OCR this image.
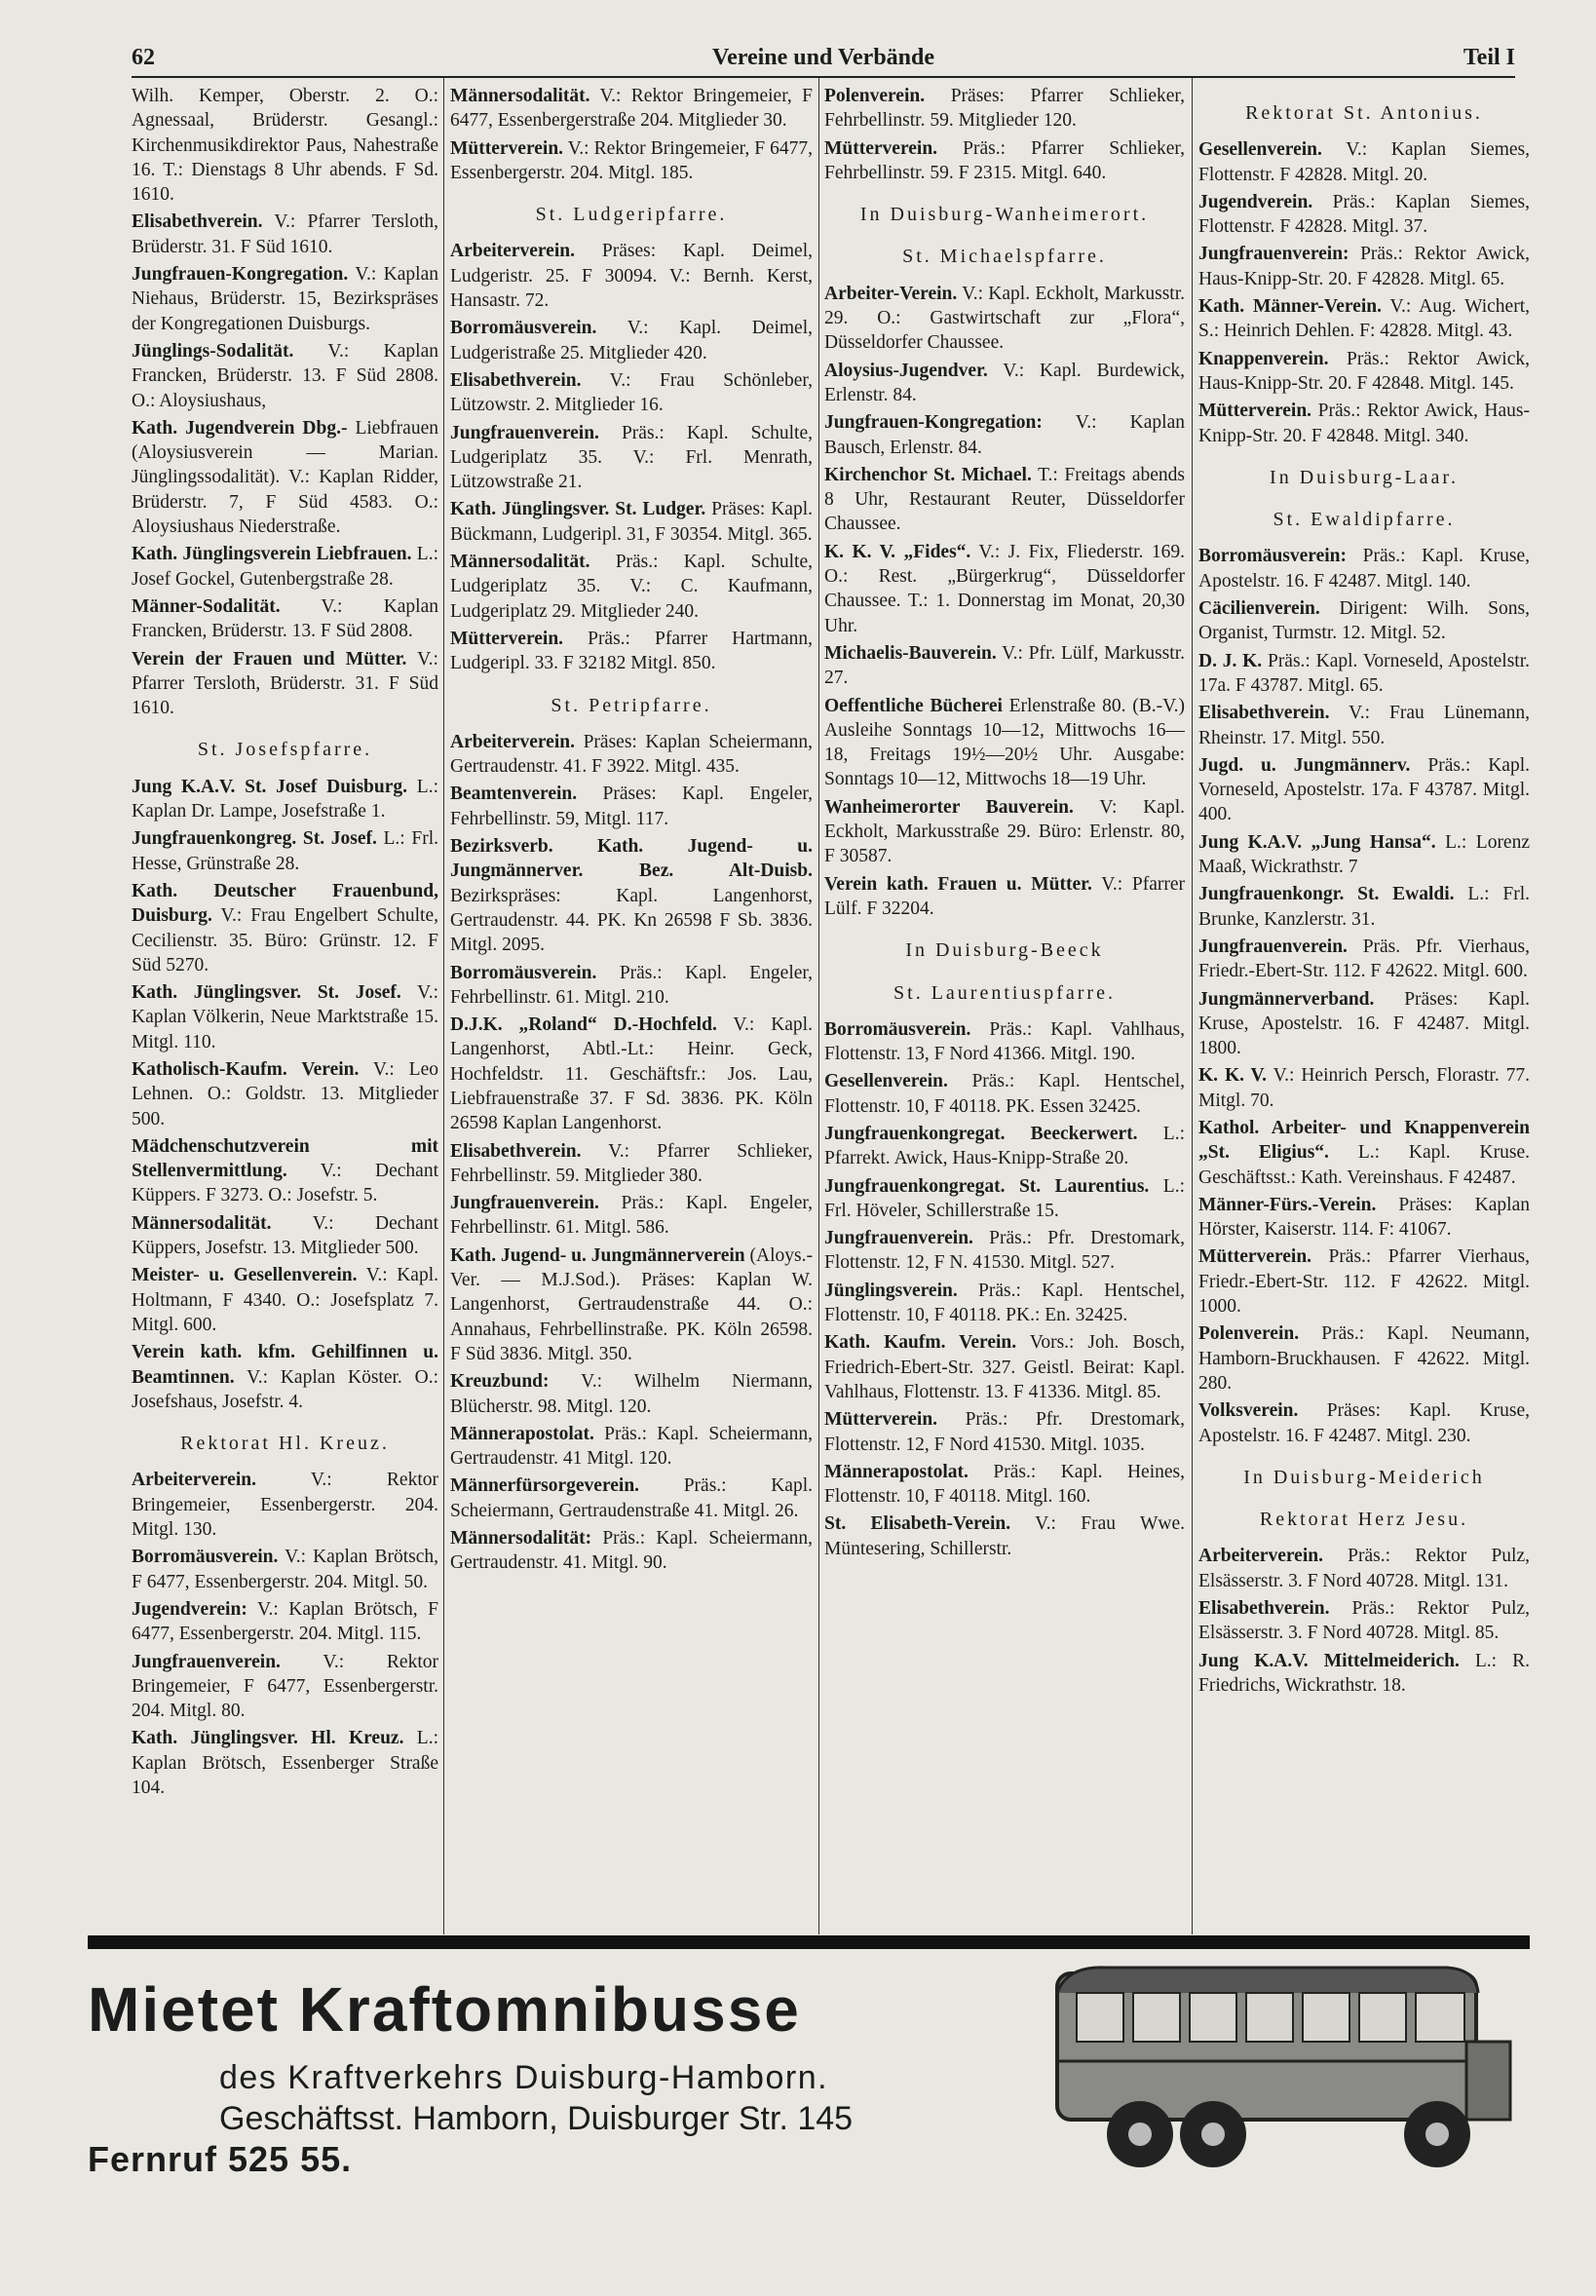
62	Vereine und Verbände	Teil I
Wilh. Kemper, Oberstr. 2. O.: Agnessaal, Brüderstr. Gesangl.: Kirchenmusikdirektor Paus, Nahestraße 16. T.: Dienstags 8 Uhr abends. F Sd. 1610.
Elisabethverein. V.: Pfarrer Tersloth, Brüderstr. 31. F Süd 1610.
Jungfrauen-Kongregation. V.: Kaplan Niehaus, Brüderstr. 15, Bezirkspräses der Kongregationen Duisburgs.
Jünglings-Sodalität. V.: Kaplan Francken, Brüderstr. 13. F Süd 2808. O.: Aloysiushaus,
Kath. Jugendverein Dbg.- Liebfrauen (Aloysiusverein — Marian. Jünglingssodalität). V.: Kaplan Ridder, Brüderstr. 7, F Süd 4583. O.: Aloysiushaus Niederstraße.
Kath. Jünglingsverein Liebfrauen. L.: Josef Gockel, Gutenbergstraße 28.
Männer-Sodalität. V.: Kaplan Francken, Brüderstr. 13. F Süd 2808.
Verein der Frauen und Mütter. V.: Pfarrer Tersloth, Brüderstr. 31. F Süd 1610.
St. Josefspfarre.
Jung K.A.V. St. Josef Duisburg. L.: Kaplan Dr. Lampe, Josefstraße 1.
Jungfrauenkongreg. St. Josef. L.: Frl. Hesse, Grünstraße 28.
Kath. Deutscher Frauenbund, Duisburg. V.: Frau Engelbert Schulte, Cecilienstr. 35. Büro: Grünstr. 12. F Süd 5270.
Kath. Jünglingsver. St. Josef. V.: Kaplan Völkerin, Neue Marktstraße 15. Mitgl. 110.
Katholisch-Kaufm. Verein. V.: Leo Lehnen. O.: Goldstr. 13. Mitglieder 500.
Mädchenschutzverein mit Stellenvermittlung. V.: Dechant Küppers. F 3273. O.: Josefstr. 5.
Männersodalität. V.: Dechant Küppers, Josefstr. 13. Mitglieder 500.
Meister- u. Gesellenverein. V.: Kapl. Holtmann, F 4340. O.: Josefsplatz 7. Mitgl. 600.
Verein kath. kfm. Gehilfinnen u. Beamtinnen. V.: Kaplan Köster. O.: Josefshaus, Josefstr. 4.
Rektorat Hl. Kreuz.
Arbeiterverein.	V.: Rektor Bringemeier, Essenbergerstr. 204. Mitgl. 130.
Borromäusverein. V.: Kaplan Brötsch, F 6477, Essenbergerstr. 204. Mitgl. 50.
Jugendverein: V.: Kaplan Brötsch, F 6477, Essenbergerstr. 204. Mitgl. 115.
Jungfrauenverein. V.: Rektor Bringemeier, F 6477, Essenbergerstr. 204. Mitgl. 80.
Kath. Jünglingsver. Hl. Kreuz. L.: Kaplan Brötsch, Essenberger Straße 104.
Männersodalität. V.: Rektor Bringemeier, F 6477, Essenbergerstraße 204. Mitglieder 30.
Mütterverein. V.: Rektor Bringemeier, F 6477, Essenbergerstr. 204. Mitgl. 185.
St. Ludgeripfarre.
Arbeiterverein. Präses: Kapl. Deimel, Ludgeristr. 25. F 30094. V.: Bernh. Kerst, Hansastr. 72.
Borromäusverein. V.: Kapl. Deimel, Ludgeristraße 25. Mitglieder 420.
Elisabethverein. V.: Frau Schönleber, Lützowstr. 2. Mitglieder 16.
Jungfrauenverein. Präs.: Kapl. Schulte, Ludgeriplatz 35. V.: Frl. Menrath, Lützowstraße 21.
Kath. Jünglingsver. St. Ludger. Präses: Kapl. Bückmann, Ludgeripl. 31, F 30354. Mitgl. 365.
Männersodalität. Präs.: Kapl. Schulte, Ludgeriplatz 35. V.: C. Kaufmann, Ludgeriplatz 29. Mitglieder 240.
Mütterverein. Präs.: Pfarrer Hartmann, Ludgeripl. 33. F 32182 Mitgl. 850.
St. Petripfarre.
Arbeiterverein. Präses: Kaplan Scheiermann, Gertraudenstr. 41. F 3922. Mitgl. 435.
Beamtenverein. Präses: Kapl. Engeler, Fehrbellinstr. 59, Mitgl. 117.
Bezirksverb. Kath. Jugend- u. Jungmännerver. Bez. Alt-Duisb. Bezirkspräses: Kapl. Langenhorst, Gertraudenstr. 44. PK. Kn 26598 F Sb. 3836. Mitgl. 2095.
Borromäusverein. Präs.: Kapl. Engeler, Fehrbellinstr. 61. Mitgl. 210.
D.J.K. „Roland“ D.-Hochfeld. V.: Kapl. Langenhorst, Abtl.-Lt.: Heinr. Geck, Hochfeldstr. 11. Geschäftsfr.: Jos. Lau, Liebfrauenstraße 37. F Sd. 3836. PK. Köln 26598 Kaplan Langenhorst.
Elisabethverein. V.: Pfarrer Schlieker, Fehrbellinstr. 59. Mitglieder 380.
Jungfrauenverein. Präs.: Kapl. Engeler, Fehrbellinstr. 61. Mitgl. 586.
Kath. Jugend- u. Jungmännerverein (Aloys.-Ver. — M.J.Sod.). Präses: Kaplan W. Langenhorst, Gertraudenstraße 44. O.: Annahaus, Fehrbellinstraße. PK. Köln 26598. F Süd 3836. Mitgl. 350.
Kreuzbund: V.: Wilhelm Niermann, Blücherstr. 98. Mitgl. 120.
Männerapostolat. Präs.: Kapl. Scheiermann, Gertraudenstr. 41 Mitgl. 120.
Männerfürsorgeverein. Präs.: Kapl. Scheiermann, Gertraudenstraße 41. Mitgl. 26.
Männersodalität: Präs.: Kapl. Scheiermann, Gertraudenstr. 41. Mitgl. 90.
Polenverein. Präses: Pfarrer Schlieker, Fehrbellinstr. 59. Mitglieder 120.
Mütterverein. Präs.: Pfarrer Schlieker, Fehrbellinstr. 59. F 2315. Mitgl. 640.
In Duisburg-Wanheimerort.
St. Michaelspfarre.
Arbeiter-Verein. V.: Kapl. Eckholt, Markusstr. 29. O.: Gastwirtschaft zur „Flora“, Düsseldorfer Chaussee.
Aloysius-Jugendver. V.: Kapl. Burdewick, Erlenstr. 84.
Jungfrauen-Kongregation: V.: Kaplan Bausch, Erlenstr. 84.
Kirchenchor St. Michael. T.: Freitags abends 8 Uhr, Restaurant Reuter, Düsseldorfer Chaussee.
K. K. V. „Fides“. V.: J. Fix, Fliederstr. 169. O.: Rest. „Bürgerkrug“, Düsseldorfer Chaussee. T.: 1. Donnerstag im Monat, 20,30 Uhr.
Michaelis-Bauverein. V.: Pfr. Lülf, Markusstr. 27.
Oeffentliche Bücherei Erlenstraße 80. (B.-V.) Ausleihe Sonntags 10—12, Mittwochs 16—18, Freitags 19½—20½ Uhr. Ausgabe: Sonntags 10—12, Mittwochs 18—19 Uhr.
Wanheimerorter Bauverein. V: Kapl. Eckholt, Markusstraße 29. Büro: Erlenstr. 80, F 30587.
Verein kath. Frauen u. Mütter. V.: Pfarrer Lülf. F 32204.
In Duisburg-Beeck
St. Laurentiuspfarre.
Borromäusverein. Präs.: Kapl. Vahlhaus, Flottenstr. 13, F Nord 41366. Mitgl. 190.
Gesellenverein. Präs.: Kapl. Hentschel, Flottenstr. 10, F 40118. PK. Essen 32425.
Jungfrauenkongregat. Beeckerwert. L.: Pfarrekt. Awick, Haus-Knipp-Straße 20.
Jungfrauenkongregat. St. Laurentius. L.: Frl. Höveler, Schillerstraße 15.
Jungfrauenverein. Präs.: Pfr. Drestomark, Flottenstr. 12, F N. 41530. Mitgl. 527.
Jünglingsverein. Präs.: Kapl. Hentschel, Flottenstr. 10, F 40118. PK.: En. 32425.
Kath. Kaufm. Verein. Vors.: Joh. Bosch, Friedrich-Ebert-Str. 327. Geistl. Beirat: Kapl. Vahlhaus, Flottenstr. 13. F 41336. Mitgl. 85.
Mütterverein. Präs.: Pfr. Drestomark, Flottenstr. 12, F Nord 41530. Mitgl. 1035.
Männerapostolat. Präs.: Kapl. Heines, Flottenstr. 10, F 40118. Mitgl. 160.
St. Elisabeth-Verein. V.: Frau Wwe. Müntesering, Schillerstr.
Rektorat St. Antonius.
Gesellenverein. V.: Kaplan Siemes, Flottenstr. F 42828. Mitgl. 20.
Jugendverein. Präs.: Kaplan Siemes, Flottenstr. F 42828. Mitgl. 37.
Jungfrauenverein: Präs.: Rektor Awick, Haus-Knipp-Str. 20. F 42828. Mitgl. 65.
Kath. Männer-Verein. V.: Aug. Wichert, S.: Heinrich Dehlen. F: 42828. Mitgl. 43.
Knappenverein. Präs.: Rektor Awick, Haus-Knipp-Str. 20. F 42848. Mitgl. 145.
Mütterverein. Präs.: Rektor Awick, Haus-Knipp-Str. 20. F 42848. Mitgl. 340.
In Duisburg-Laar.
St. Ewaldipfarre.
Borromäusverein: Präs.: Kapl. Kruse, Apostelstr. 16. F 42487. Mitgl. 140.
Cäcilienverein. Dirigent: Wilh. Sons, Organist, Turmstr. 12. Mitgl. 52.
D. J. K. Präs.: Kapl. Vorneseld, Apostelstr. 17a. F 43787. Mitgl. 65.
Elisabethverein. V.: Frau Lünemann, Rheinstr. 17. Mitgl. 550.
Jugd. u. Jungmännerv. Präs.: Kapl. Vorneseld, Apostelstr. 17a. F 43787. Mitgl. 400.
Jung K.A.V. „Jung Hansa“. L.: Lorenz Maaß, Wickrathstr. 7
Jungfrauenkongr. St. Ewaldi. L.: Frl. Brunke, Kanzlerstr. 31.
Jungfrauenverein. Präs. Pfr. Vierhaus, Friedr.-Ebert-Str. 112. F 42622. Mitgl. 600.
Jungmännerverband. Präses: Kapl. Kruse, Apostelstr. 16. F 42487. Mitgl. 1800.
K. K. V. V.: Heinrich Persch, Florastr. 77. Mitgl. 70.
Kathol. Arbeiter- und Knappenverein „St. Eligius“. L.: Kapl. Kruse. Geschäftsst.: Kath. Vereinshaus. F 42487.
Männer-Fürs.-Verein. Präses: Kaplan Hörster, Kaiserstr. 114. F: 41067.
Mütterverein. Präs.: Pfarrer Vierhaus, Friedr.-Ebert-Str. 112. F 42622. Mitgl. 1000.
Polenverein. Präs.: Kapl. Neumann, Hamborn-Bruckhausen. F 42622. Mitgl. 280.
Volksverein. Präses: Kapl. Kruse, Apostelstr. 16. F 42487. Mitgl. 230.
In Duisburg-Meiderich
Rektorat Herz Jesu.
Arbeiterverein. Präs.: Rektor Pulz, Elsässerstr. 3. F Nord 40728. Mitgl. 131.
Elisabethverein. Präs.: Rektor Pulz, Elsässerstr. 3. F Nord 40728. Mitgl. 85.
Jung K.A.V. Mittelmeiderich. L.: R. Friedrichs, Wickrathstr. 18.
Mietet Kraftomnibusse
des Kraftverkehrs Duisburg-Hamborn.
Geschäftsst. Hamborn, Duisburger Str. 145
Fernruf 525 55.
